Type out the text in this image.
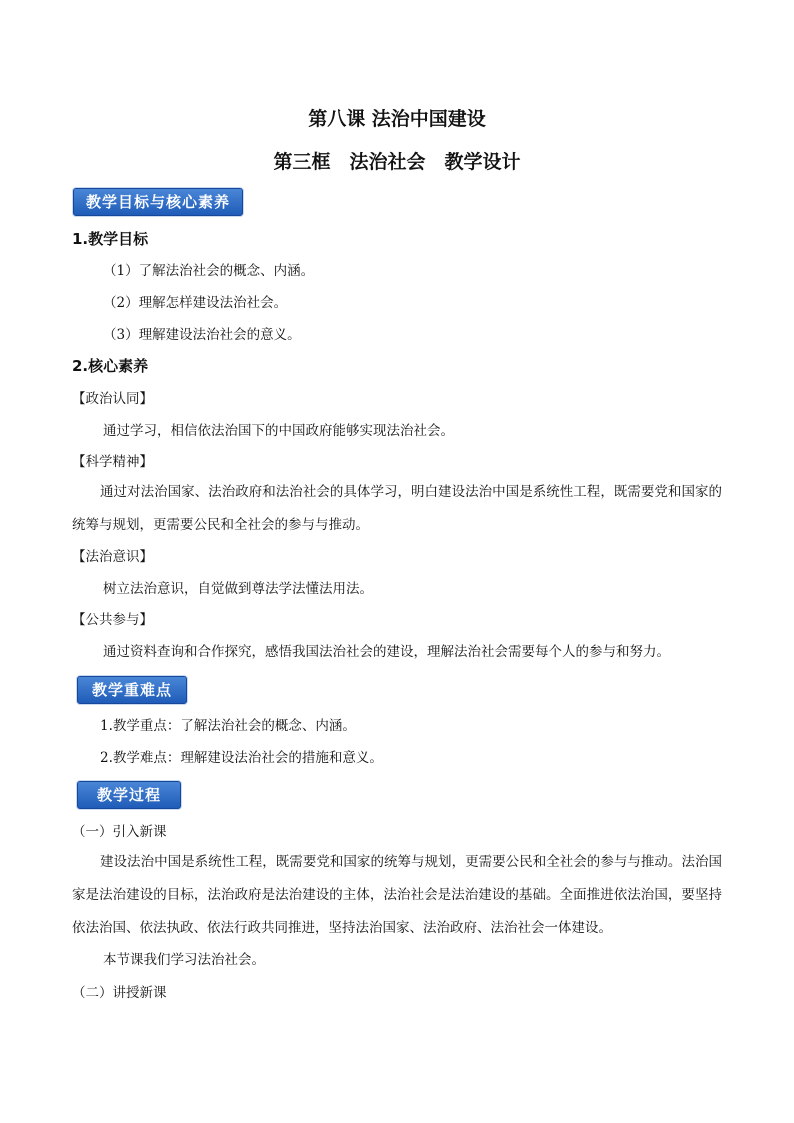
第八课 法治中国建设
第三框　法治社会　教学设计
教学目标与核心素养
1.教学目标
（1）了解法治社会的概念、内涵。
（2）理解怎样建设法治社会。
（3）理解建设法治社会的意义。
2.核心素养
【政治认同】
通过学习，相信依法治国下的中国政府能够实现法治社会。
【科学精神】

通过对法治国家、法治政府和法治社会的具体学习，明白建设法治中国是系统性工程，既需要党和国家的统筹与规划，更需要公民和全社会的参与与推动。

【法治意识】
树立法治意识，自觉做到尊法学法懂法用法。
【公共参与】
通过资料查询和合作探究，感悟我国法治社会的建设，理解法治社会需要每个人的参与和努力。
教学重难点
1.教学重点：了解法治社会的概念、内涵。
2.教学难点：理解建设法治社会的措施和意义。
教学过程
（一）引入新课

建设法治中国是系统性工程，既需要党和国家的统筹与规划，更需要公民和全社会的参与与推动。法治国家是法治建设的目标，法治政府是法治建设的主体，法治社会是法治建设的基础。全面推进依法治国，要坚持依法治国、依法执政、依法行政共同推进，坚持法治国家、法治政府、法治社会一体建设。

本节课我们学习法治社会。
（二）讲授新课
